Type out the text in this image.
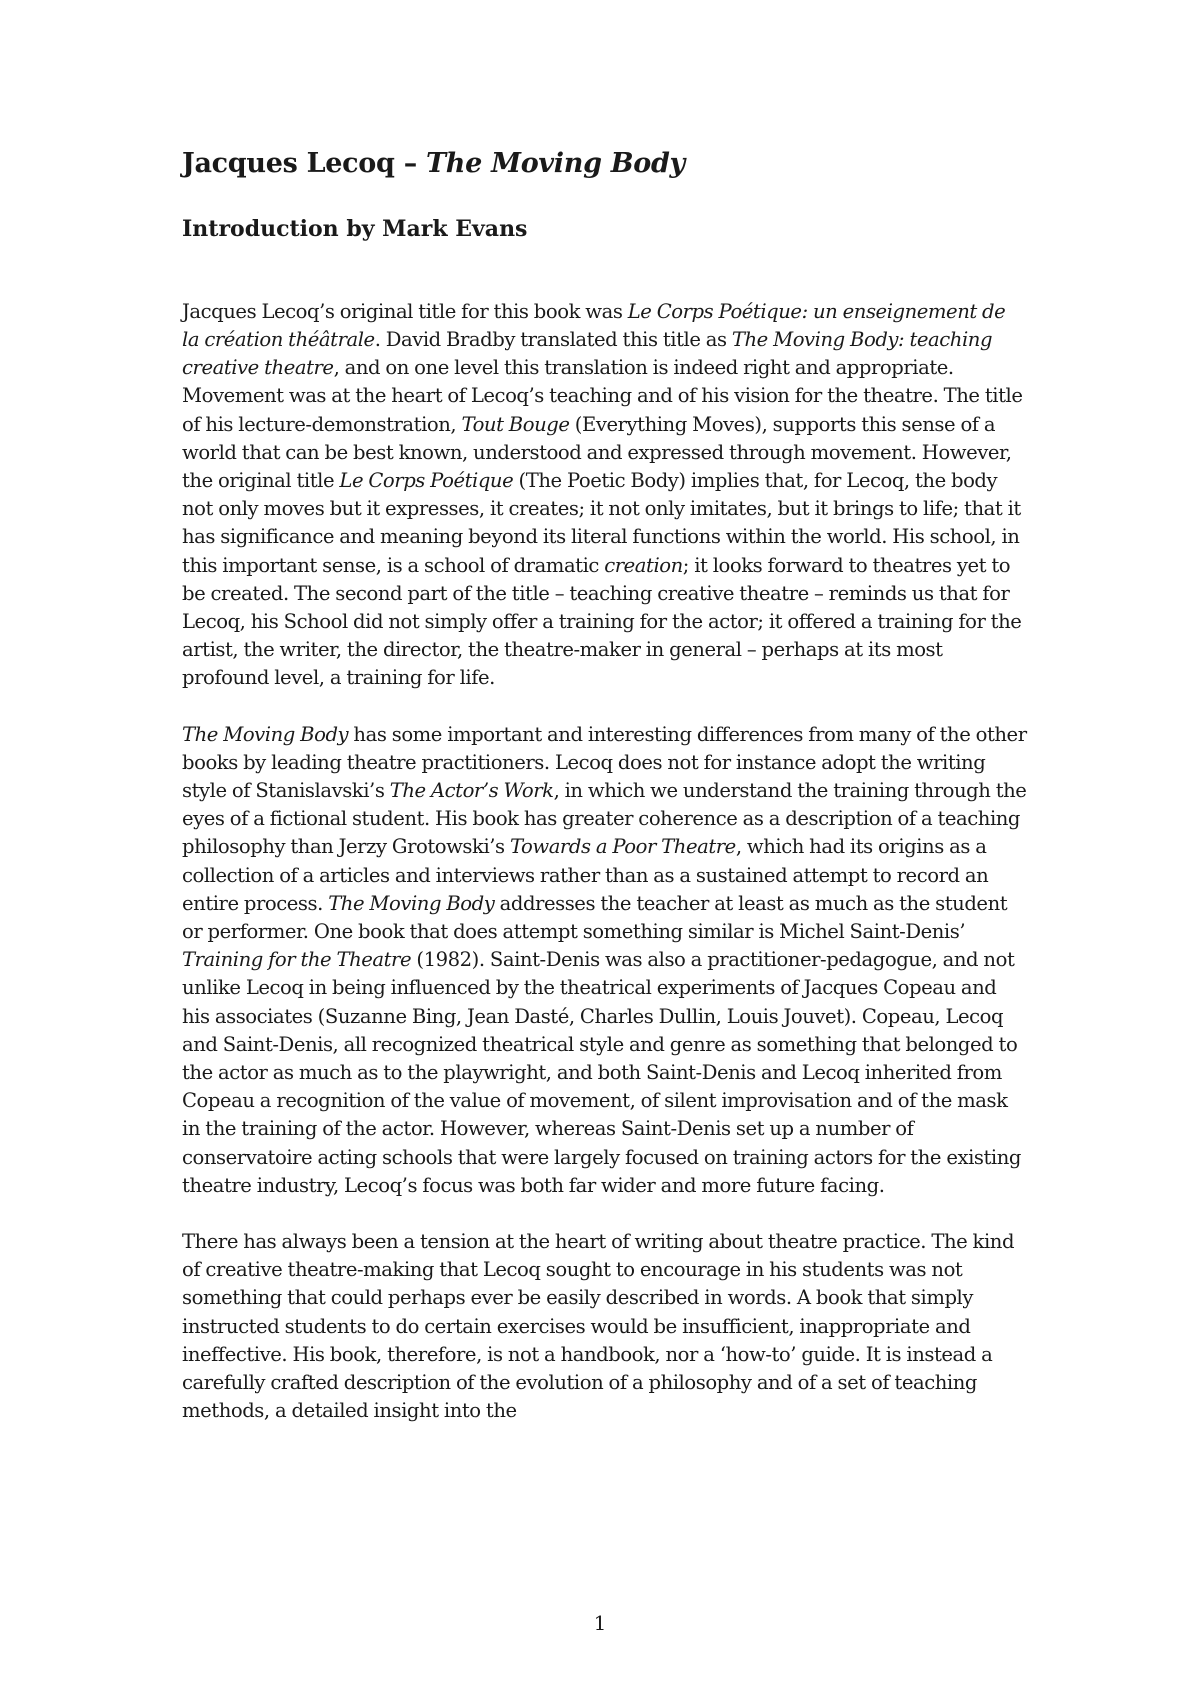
Jacques Lecoq – The Moving Body
Introduction by Mark Evans

Jacques Lecoq’s original title for this book was Le Corps Poétique: un enseignement de la création théâtrale. David Bradby translated this title as The Moving Body: teaching creative theatre, and on one level this translation is indeed right and appropriate. Movement was at the heart of Lecoq’s teaching and of his vision for the theatre. The title of his lecture-demonstration, Tout Bouge (Everything Moves), supports this sense of a world that can be best known, understood and expressed through movement. However, the original title Le Corps Poétique (The Poetic Body) implies that, for Lecoq, the body not only moves but it expresses, it creates; it not only imitates, but it brings to life; that it has significance and meaning beyond its literal functions within the world. His school, in this important sense, is a school of dramatic creation; it looks forward to theatres yet to be created. The second part of the title – teaching creative theatre – reminds us that for Lecoq, his School did not simply offer a training for the actor; it offered a training for the artist, the writer, the director, the theatre-maker in general – perhaps at its most profound level, a training for life.

The Moving Body has some important and interesting differences from many of the other books by leading theatre practitioners. Lecoq does not for instance adopt the writing style of Stanislavski’s The Actor’s Work, in which we understand the training through the eyes of a fictional student. His book has greater coherence as a description of a teaching philosophy than Jerzy Grotowski’s Towards a Poor Theatre, which had its origins as a collection of a articles and interviews rather than as a sustained attempt to record an entire process. The Moving Body addresses the teacher at least as much as the student or performer. One book that does attempt something similar is Michel Saint-Denis’ Training for the Theatre (1982). Saint-Denis was also a practitioner-pedagogue, and not unlike Lecoq in being influenced by the theatrical experiments of Jacques Copeau and his associates (Suzanne Bing, Jean Dasté, Charles Dullin, Louis Jouvet). Copeau, Lecoq and Saint-Denis, all recognized theatrical style and genre as something that belonged to the actor as much as to the playwright, and both Saint-Denis and Lecoq inherited from Copeau a recognition of the value of movement, of silent improvisation and of the mask in the training of the actor. However, whereas Saint-Denis set up a number of conservatoire acting schools that were largely focused on training actors for the existing theatre industry, Lecoq’s focus was both far wider and more future facing.

There has always been a tension at the heart of writing about theatre practice. The kind of creative theatre-making that Lecoq sought to encourage in his students was not something that could perhaps ever be easily described in words. A book that simply instructed students to do certain exercises would be insufficient, inappropriate and ineffective. His book, therefore, is not a handbook, nor a ‘how-to’ guide. It is instead a carefully crafted description of the evolution of a philosophy and of a set of teaching methods, a detailed insight into the

1
